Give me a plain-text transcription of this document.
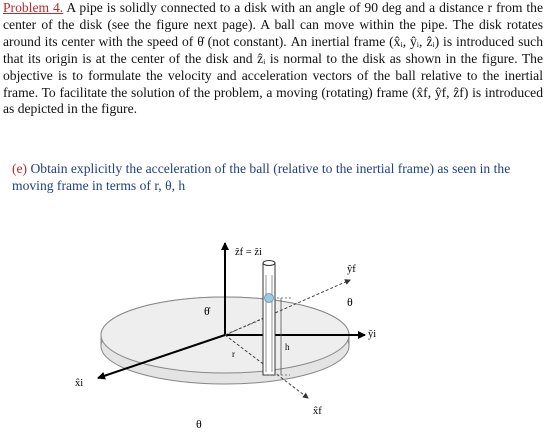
Problem 4. A pipe is solidly connected to a disk with an angle of 90 deg and a distance r from the center of the disk (see the figure next page). A ball can move within the pipe. The disk rotates around its center with the speed of θ̇ (not constant). An inertial frame (x̂ᵢ, ŷᵢ, ẑᵢ) is introduced such that its origin is at the center of the disk and ẑᵢ is normal to the disk as shown in the figure. The objective is to formulate the velocity and acceleration vectors of the ball relative to the inertial frame. To facilitate the solution of the problem, a moving (rotating) frame (x̂f, ŷf, ẑf) is introduced as depicted in the figure.

(e) Obtain explicitly the acceleration of the ball (relative to the inertial frame) as seen in the moving frame in terms of r, θ, h
ẑf = ẑi
θ̇
ŷf
θ
ŷi
x̂i
x̂f
θ
r
h
